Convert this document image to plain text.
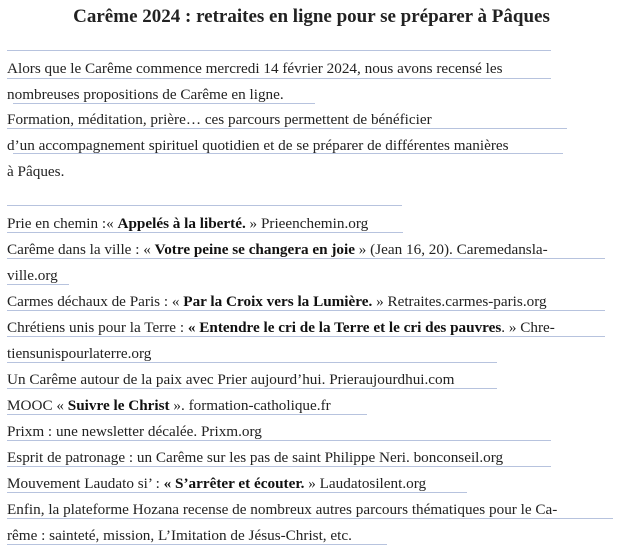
Carême 2024 : retraites en ligne pour se préparer à Pâques
Alors que le Carême commence mercredi 14 février 2024, nous avons recensé les
nombreuses propositions de Carême en ligne.
Formation, méditation, prière… ces parcours permettent de bénéficier
d’un accompagnement spirituel quotidien et de se préparer de différentes manières
à Pâques.
Prie en chemin :« Appelés à la liberté. » Prieenchemin.org
Carême dans la ville : « Votre peine se changera en joie » (Jean 16, 20). Caremedansla-
ville.org
Carmes déchaux de Paris : « Par la Croix vers la Lumière. » Retraites.carmes-paris.org
Chrétiens unis pour la Terre : « Entendre le cri de la Terre et le cri des pauvres. » Chre-
tiensunispourlaterre.org
Un Carême autour de la paix avec Prier aujourd’hui. Prieraujourdhui.com
MOOC « Suivre le Christ ». formation-catholique.fr
Prixm : une newsletter décalée. Prixm.org
Esprit de patronage : un Carême sur les pas de saint Philippe Neri. bonconseil.org
Mouvement Laudato si’ : « S’arrêter et écouter. » Laudatosilent.org
Enfin, la plateforme Hozana recense de nombreux autres parcours thématiques pour le Ca-
rême : sainteté, mission, L’Imitation de Jésus-Christ, etc.
